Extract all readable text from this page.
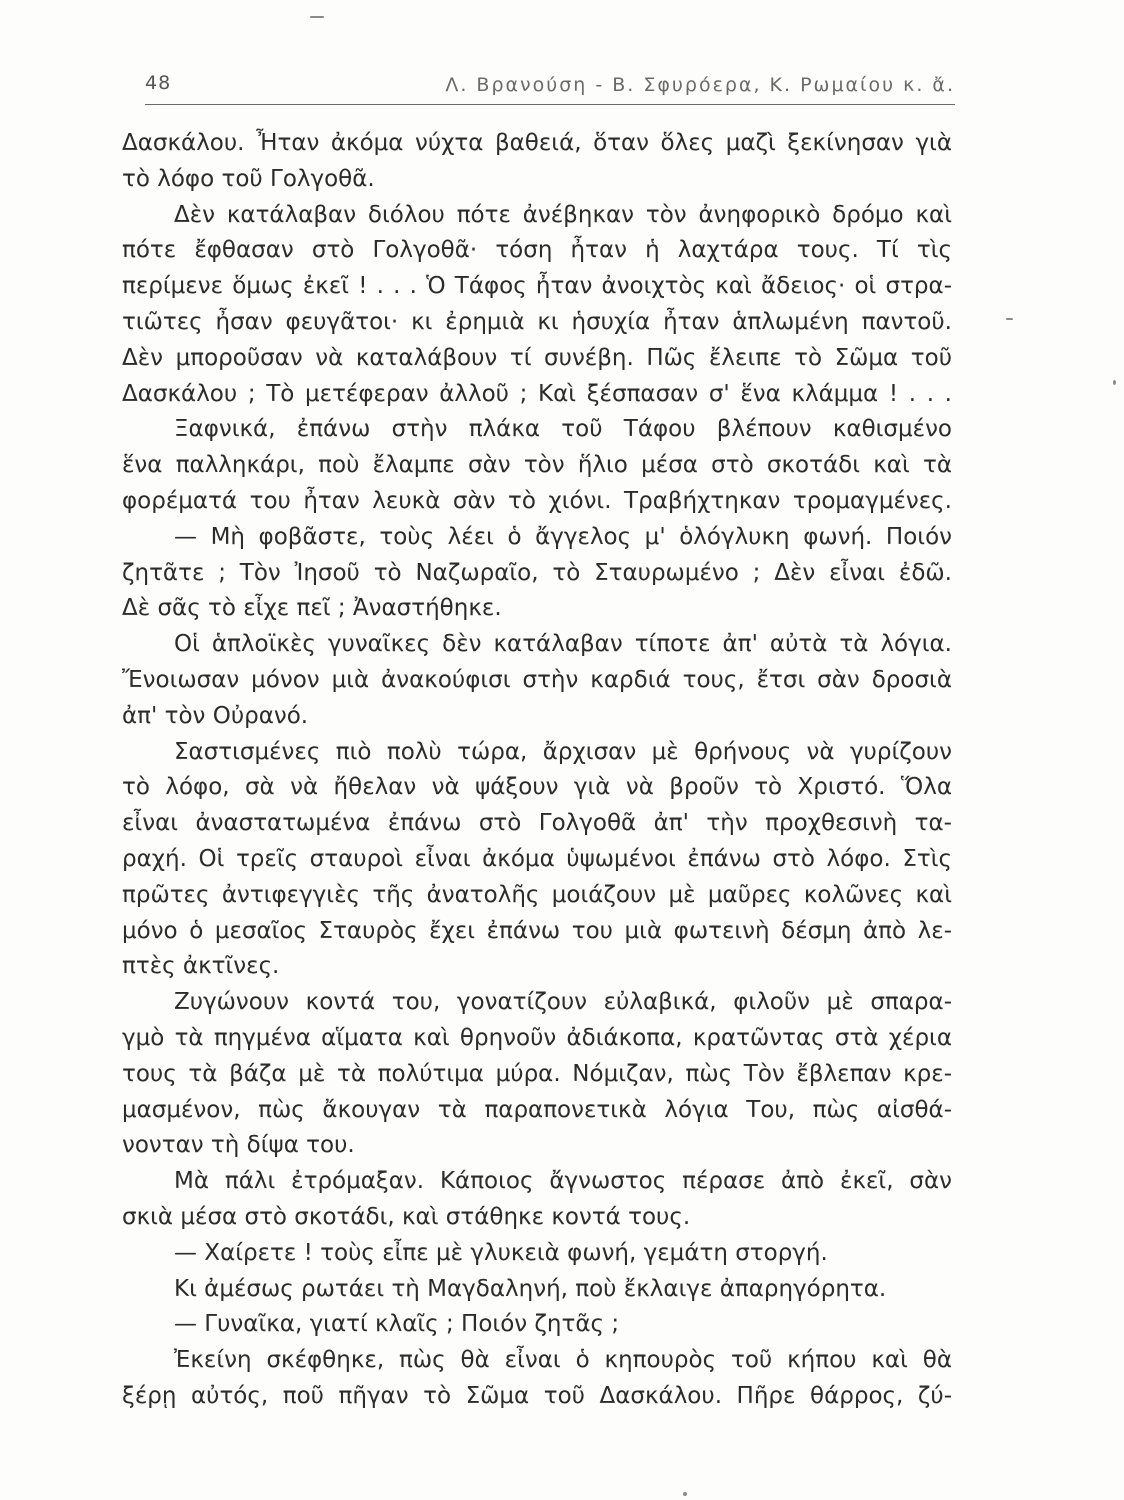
48	Λ. Βρανούση - Β. Σφυρόερα, Κ. Ρωμαίου κ. ἄ.
Δασκάλου. Ἦταν ἀκόμα νύχτα βαθειά, ὅταν ὅλες μαζὶ ξεκίνησαν γιὰ
τὸ λόφο τοῦ Γολγοθᾶ.
Δὲν κατάλαβαν διόλου πότε ἀνέβηκαν τὸν ἀνηφορικὸ δρόμο καὶ
πότε ἔφθασαν στὸ Γολγοθᾶ· τόση ἦταν ἡ λαχτάρα τους. Τί τὶς
περίμενε ὅμως ἐκεῖ ! . . . Ὁ Τάφος ἦταν ἀνοιχτὸς καὶ ἄδειος· οἱ στρα-
τιῶτες ἦσαν φευγᾶτοι· κι ἐρημιὰ κι ἡσυχία ἦταν ἁπλωμένη παντοῦ.
Δὲν μποροῦσαν νὰ καταλάβουν τί συνέβη. Πῶς ἔλειπε τὸ Σῶμα τοῦ
Δασκάλου ; Τὸ μετέφεραν ἀλλοῦ ; Καὶ ξέσπασαν σ' ἕνα κλάμμα ! . . .
Ξαφνικά, ἐπάνω στὴν πλάκα τοῦ Τάφου βλέπουν καθισμένο
ἕνα παλληκάρι, ποὺ ἔλαμπε σὰν τὸν ἥλιο μέσα στὸ σκοτάδι καὶ τὰ
φορέματά του ἦταν λευκὰ σὰν τὸ χιόνι. Τραβήχτηκαν τρομαγμένες.
— Μὴ φοβᾶστε, τοὺς λέει ὁ ἄγγελος μ' ὁλόγλυκη φωνή. Ποιόν
ζητᾶτε ; Τὸν Ἰησοῦ τὸ Ναζωραῖο, τὸ Σταυρωμένο ; Δὲν εἶναι ἐδῶ.
Δὲ σᾶς τὸ εἶχε πεῖ ; Ἀναστήθηκε.
Οἱ ἁπλοϊκὲς γυναῖκες δὲν κατάλαβαν τίποτε ἀπ' αὐτὰ τὰ λόγια.
Ἔνοιωσαν μόνον μιὰ ἀνακούφισι στὴν καρδιά τους, ἔτσι σὰν δροσιὰ
ἀπ' τὸν Οὐρανό.
Σαστισμένες πιὸ πολὺ τώρα, ἄρχισαν μὲ θρήνους νὰ γυρίζουν
τὸ λόφο, σὰ νὰ ἤθελαν νὰ ψάξουν γιὰ νὰ βροῦν τὸ Χριστό. Ὅλα
εἶναι ἀναστατωμένα ἐπάνω στὸ Γολγοθᾶ ἀπ' τὴν προχθεσινὴ τα-
ραχή. Οἱ τρεῖς σταυροὶ εἶναι ἀκόμα ὑψωμένοι ἐπάνω στὸ λόφο. Στὶς
πρῶτες ἀντιφεγγιὲς τῆς ἀνατολῆς μοιάζουν μὲ μαῦρες κολῶνες καὶ
μόνο ὁ μεσαῖος Σταυρὸς ἔχει ἐπάνω του μιὰ φωτεινὴ δέσμη ἀπὸ λε-
πτὲς ἀκτῖνες.
Ζυγώνουν κοντά του, γονατίζουν εὐλαβικά, φιλοῦν μὲ σπαρα-
γμὸ τὰ πηγμένα αἵματα καὶ θρηνοῦν ἀδιάκοπα, κρατῶντας στὰ χέρια
τους τὰ βάζα μὲ τὰ πολύτιμα μύρα. Νόμιζαν, πὼς Τὸν ἔβλεπαν κρε-
μασμένον, πὼς ἄκουγαν τὰ παραπονετικὰ λόγια Του, πὼς αἰσθά-
νονταν τὴ δίψα του.
Μὰ πάλι ἐτρόμαξαν. Κάποιος ἄγνωστος πέρασε ἀπὸ ἐκεῖ, σὰν
σκιὰ μέσα στὸ σκοτάδι, καὶ στάθηκε κοντά τους.
— Χαίρετε ! τοὺς εἶπε μὲ γλυκειὰ φωνή, γεμάτη στοργή.
Κι ἀμέσως ρωτάει τὴ Μαγδαληνή, ποὺ ἔκλαιγε ἀπαρηγόρητα.
— Γυναῖκα, γιατί κλαῖς ; Ποιόν ζητᾶς ;
Ἐκείνη σκέφθηκε, πὼς θὰ εἶναι ὁ κηπουρὸς τοῦ κήπου καὶ θὰ
ξέρῃ αὐτός, ποῦ πῆγαν τὸ Σῶμα τοῦ Δασκάλου. Πῆρε θάρρος, ζύ-
